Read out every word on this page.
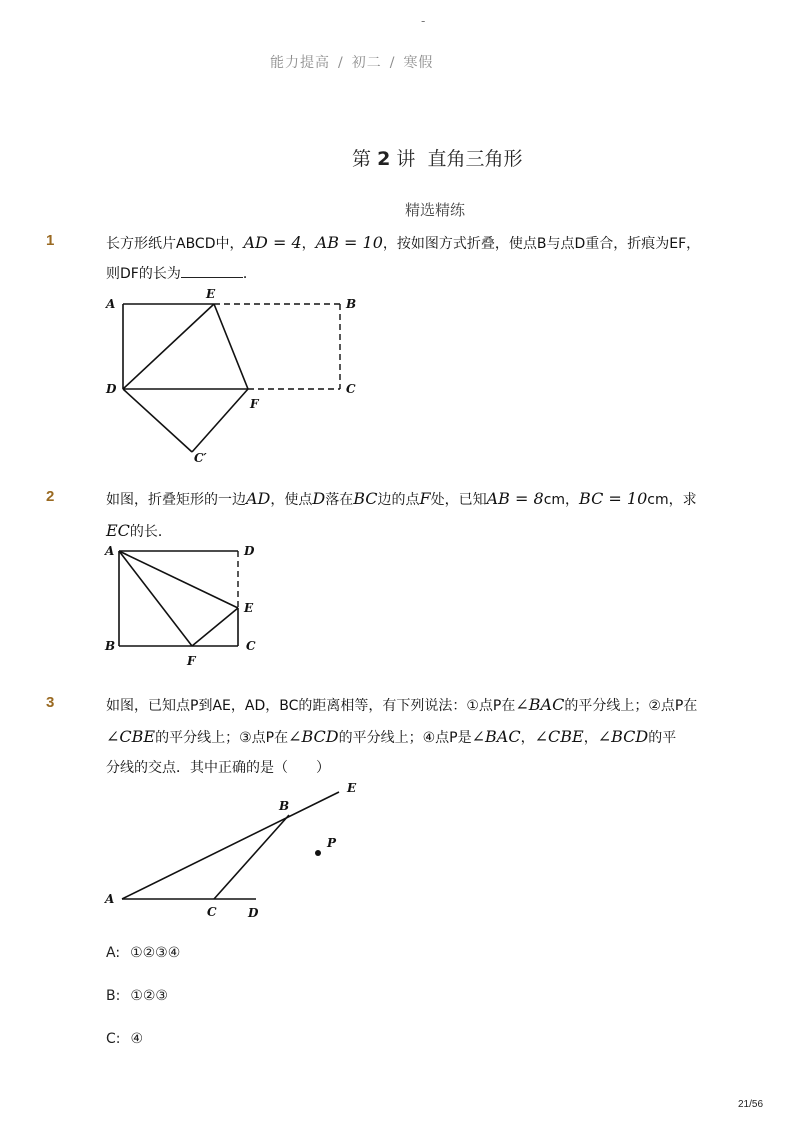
-
能力提高 / 初二 / 寒假
第 2 讲 直角三角形
精选精练
1	长方形纸片ABCD中，AD = 4，AB = 10，按如图方式折叠，使点B与点D重合，折痕为EF，
则DF的长为	．
A
E
B
D
F
C
C′
2	如图，折叠矩形的一边AD，使点D落在BC边的点F处，已知AB = 8cm，BC = 10cm，求
EC的长．
A	D
E
B
F
C
3	如图，已知点P到AE，AD，BC的距离相等，有下列说法：①点P在∠BAC的平分线上；②点P在
∠CBE的平分线上；③点P在∠BCD的平分线上；④点P是∠BAC，∠CBE，∠BCD的平
分线的交点．其中正确的是（　　）
E
B
P
A
C	D
A: ①②③④
B: ①②③
C: ④
21/56
